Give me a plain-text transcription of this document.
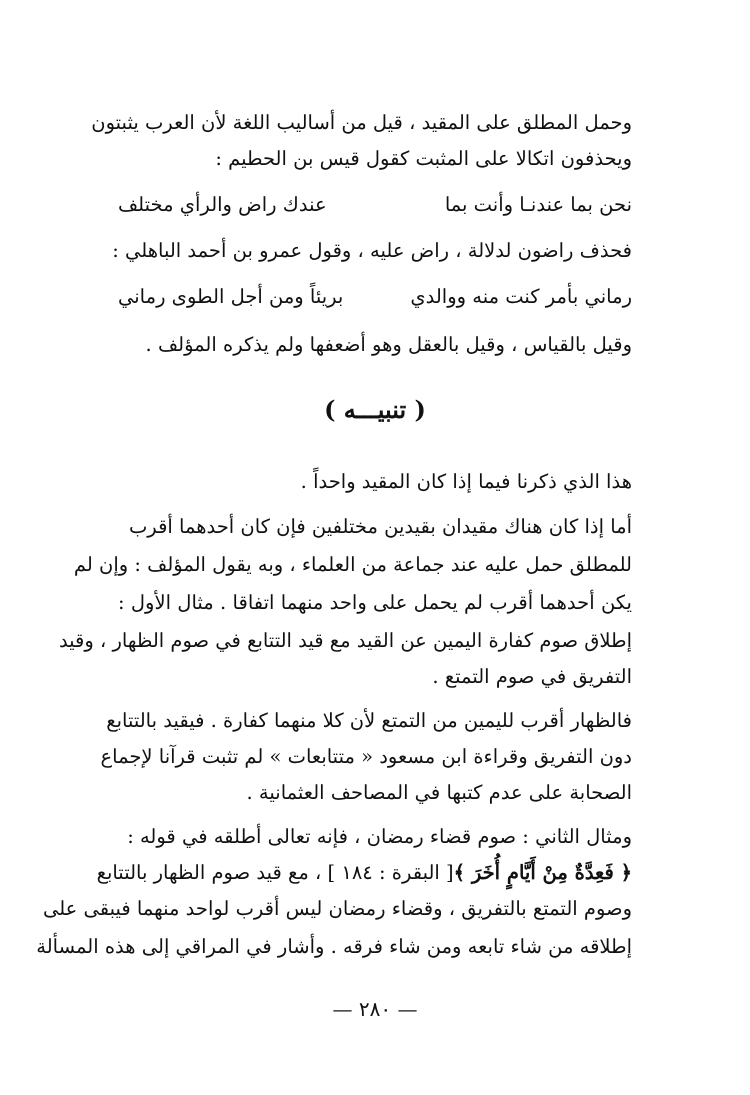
وحمل المطلق على المقيد ، قيل من أساليب اللغة لأن العرب يثبتون
ويحذفون اتكالا على المثبت كقول قيس بن الحطيم :
نحن بما عندنـا وأنت بما
عندك راض والرأي مختلف
فحذف راضون لدلالة ، راض عليه ، وقول عمرو بن أحمد الباهلي :
رماني بأمر كنت منه ووالدي
بريئاً ومن أجل الطوى رماني
وقيل بالقياس ، وقيل بالعقل وهو أضعفها ولم يذكره المؤلف .
( تنبيـــه )
هذا الذي ذكرنا فيما إذا كان المقيد واحداً .
أما إذا كان هناك مقيدان بقيدين مختلفين فإن كان أحدهما أقرب
للمطلق حمل عليه عند جماعة من العلماء ، وبه يقول المؤلف : وإن لم
يكن أحدهما أقرب لم يحمل على واحد منهما اتفاقا . مثال الأول :
إطلاق صوم كفارة اليمين عن القيد مع قيد التتابع في صوم الظهار ، وقيد
التفريق في صوم التمتع .
فالظهار أقرب لليمين من التمتع لأن كلا منهما كفارة . فيقيد بالتتابع
دون التفريق وقراءة ابن مسعود « متتابعات » لم تثبت قرآنا لإجماع
الصحابة على عدم كتبها في المصاحف العثمانية .
ومثال الثاني : صوم قضاء رمضان ، فإنه تعالى أطلقه في قوله :
﴿ فَعِدَّةٌ مِنْ أَيَّامٍ أُخَرَ ﴾
[ البقرة : ١٨٤ ] ، مع قيد صوم الظهار بالتتابع
وصوم التمتع بالتفريق ، وقضاء رمضان ليس أقرب لواحد منهما فيبقى على
إطلاقه من شاء تابعه ومن شاء فرقه . وأشار في المراقي إلى هذه المسألة
— ٢٨٠ —
